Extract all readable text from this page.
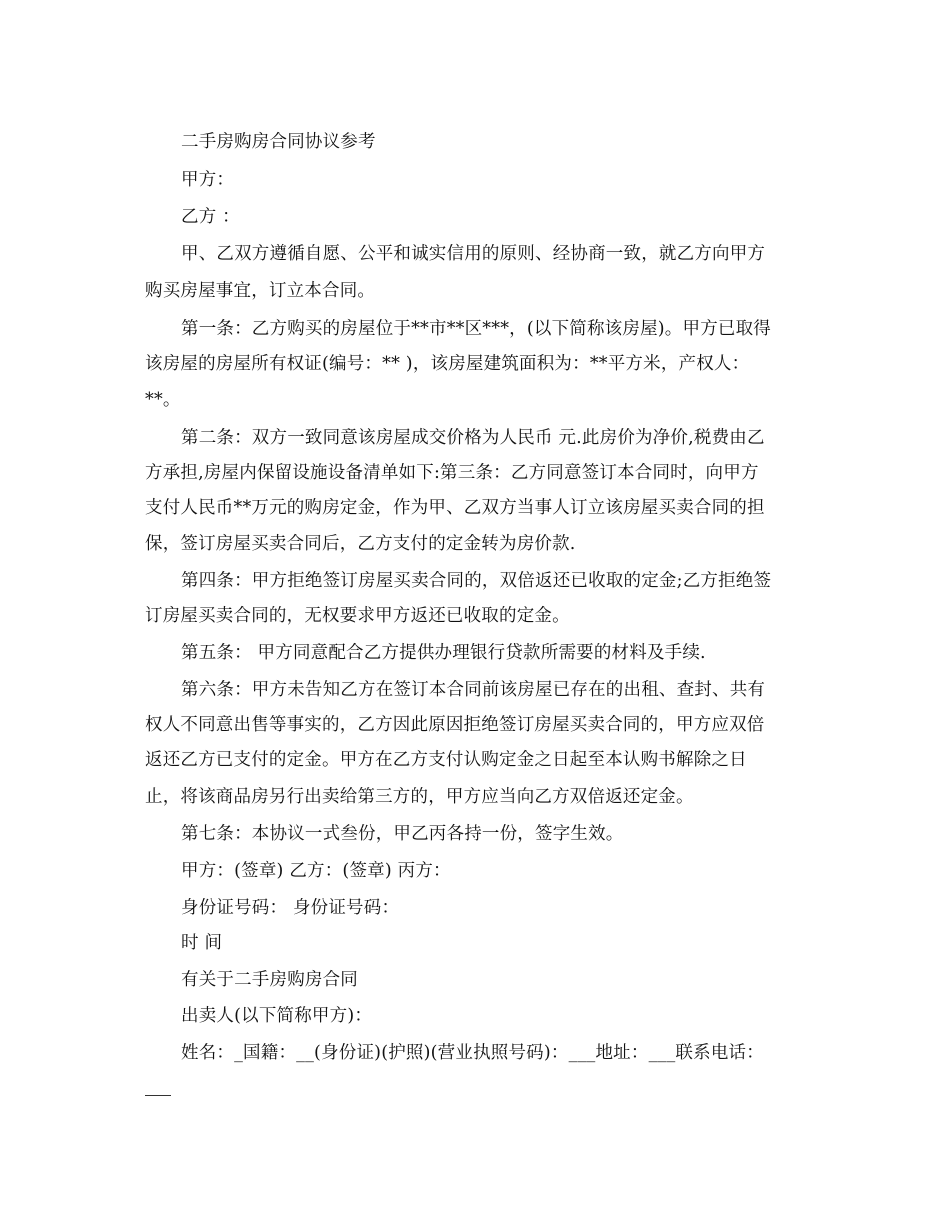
二手房购房合同协议参考
甲方：
乙方 ：
甲、乙双方遵循自愿、公平和诚实信用的原则、经协商一致，就乙方向甲方
购买房屋事宜，订立本合同。
第一条：乙方购买的房屋位于**市**区***，(以下简称该房屋)。甲方已取得
该房屋的房屋所有权证(编号：** )，该房屋建筑面积为：**平方米，产权人：
**。
第二条：双方一致同意该房屋成交价格为人民币 元.此房价为净价,税费由乙
方承担,房屋内保留设施设备清单如下:第三条：乙方同意签订本合同时，向甲方
支付人民币**万元的购房定金，作为甲、乙双方当事人订立该房屋买卖合同的担
保，签订房屋买卖合同后，乙方支付的定金转为房价款.
第四条：甲方拒绝签订房屋买卖合同的，双倍返还已收取的定金;乙方拒绝签
订房屋买卖合同的，无权要求甲方返还已收取的定金。
第五条： 甲方同意配合乙方提供办理银行贷款所需要的材料及手续.
第六条：甲方未告知乙方在签订本合同前该房屋已存在的出租、查封、共有
权人不同意出售等事实的，乙方因此原因拒绝签订房屋买卖合同的，甲方应双倍
返还乙方已支付的定金。甲方在乙方支付认购定金之日起至本认购书解除之日
止，将该商品房另行出卖给第三方的，甲方应当向乙方双倍返还定金。
第七条：本协议一式叁份，甲乙丙各持一份，签字生效。
甲方：(签章) 乙方：(签章) 丙方：
身份证号码： 身份证号码：
时 间
有关于二手房购房合同
出卖人(以下简称甲方)：
姓名：_国籍：__(身份证)(护照)(营业执照号码)：___地址：___联系电话：
